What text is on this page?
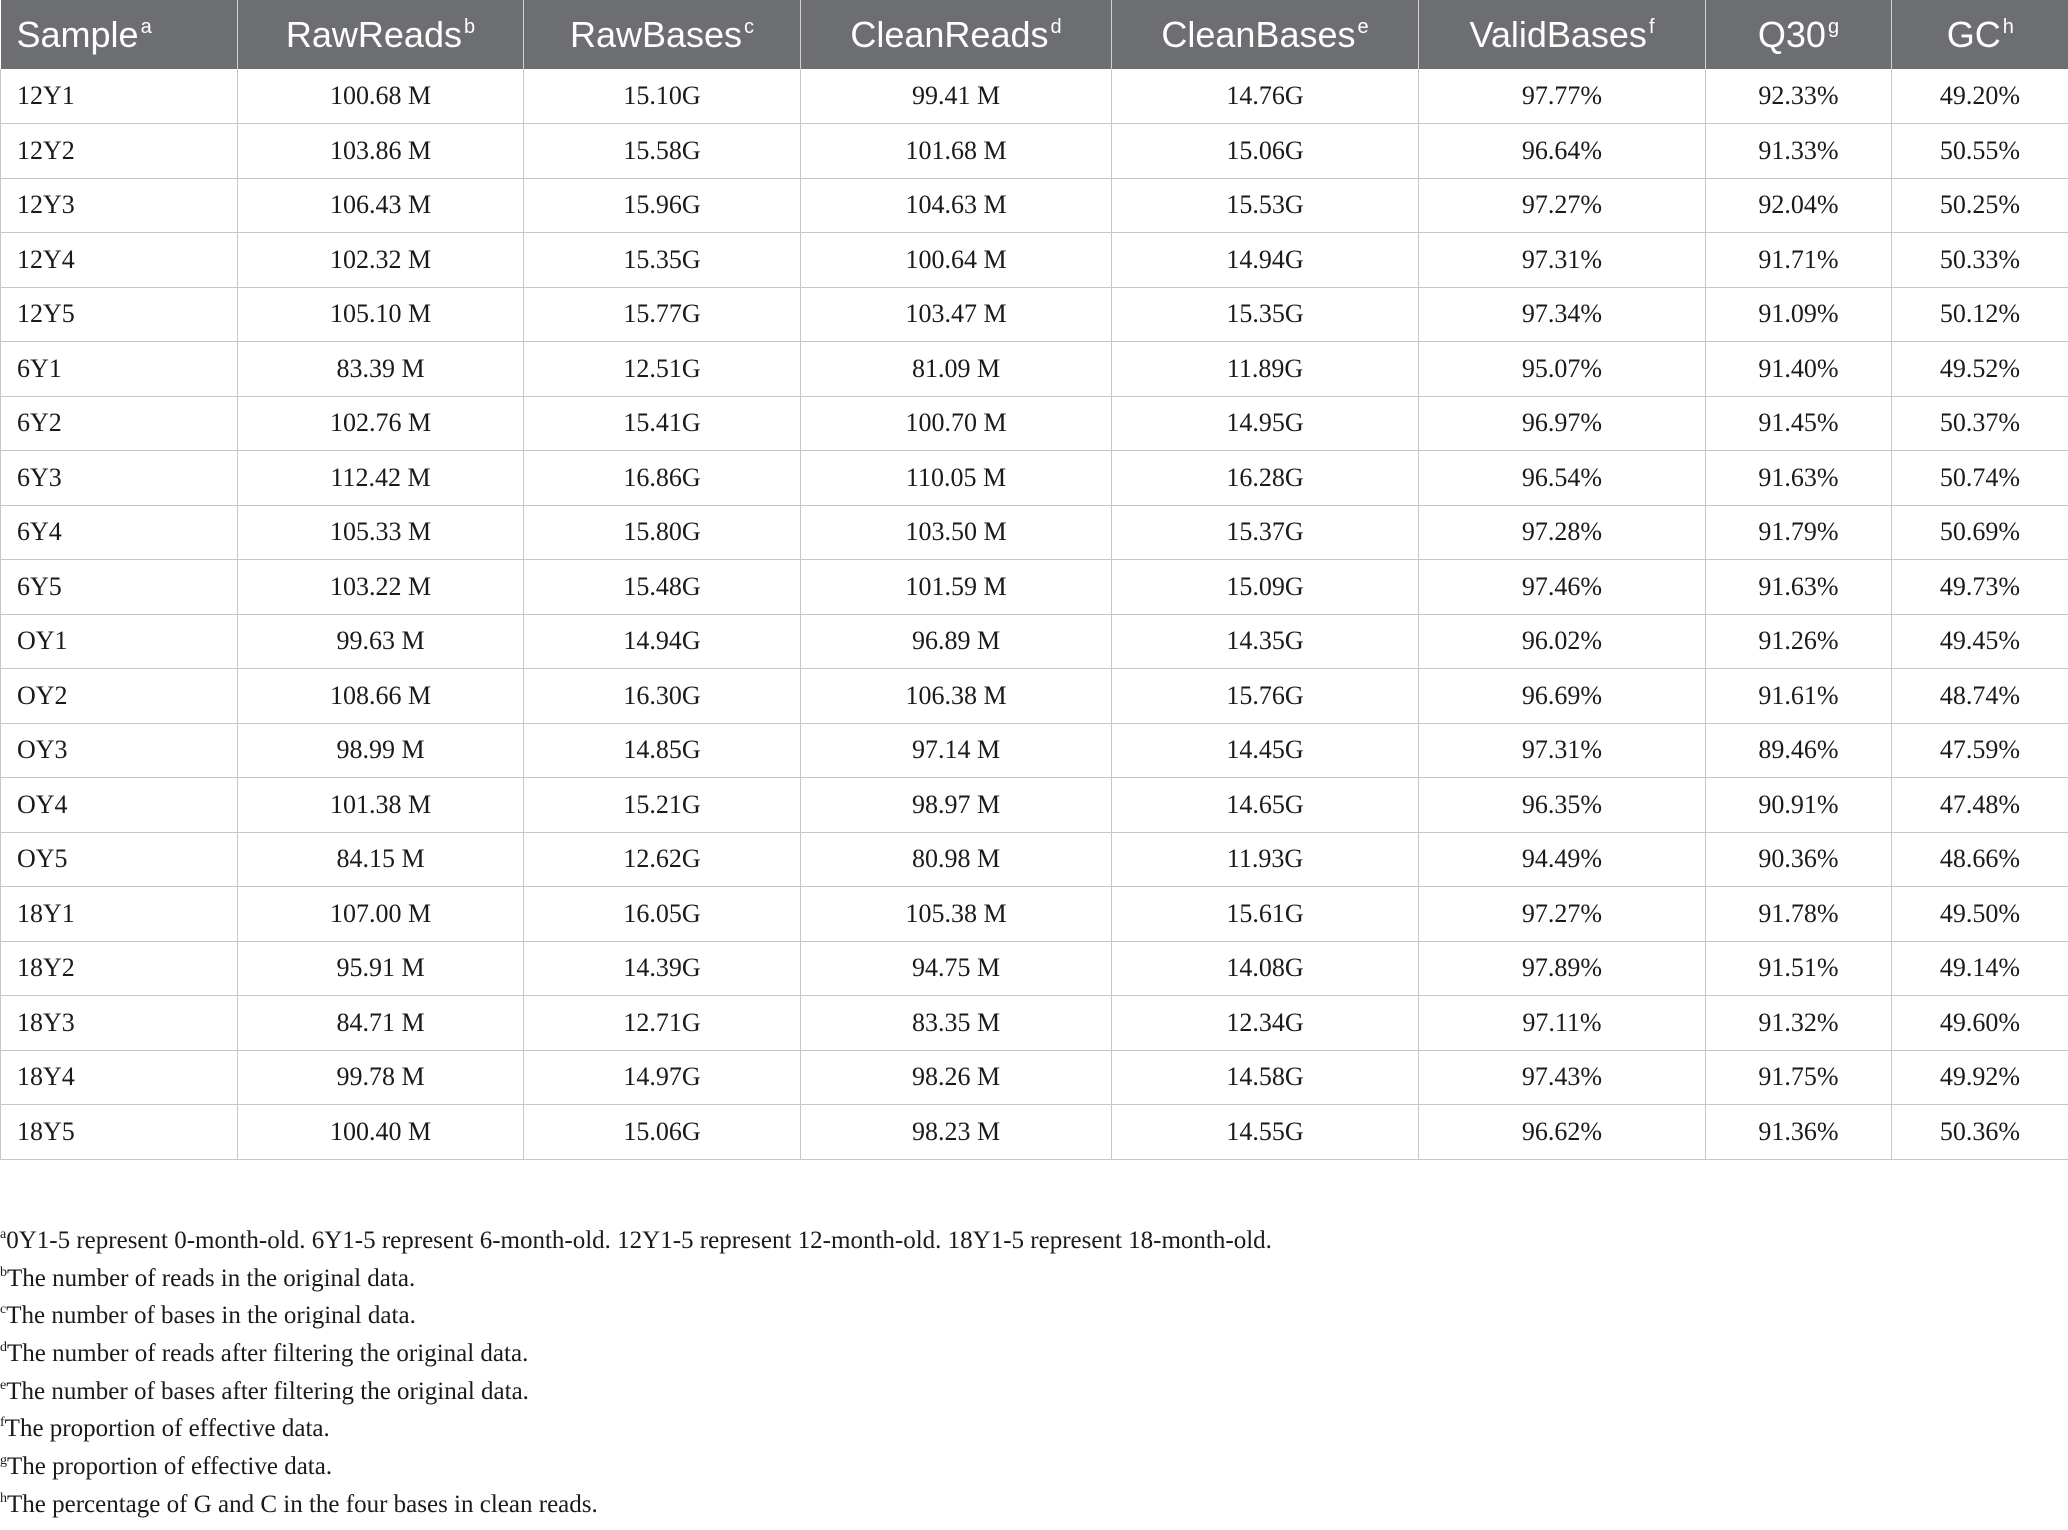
Sample $^a$	RawReads $^b$	RawBases $^c$	CleanReads $^d$	CleanBases $^e$	ValidBases $^f$	Q30 $^g$	GC $^h$
12Y1	100.68 M	15.10G	99.41 M	14.76G	97.77%	92.33%	49.20%
12Y2	103.86 M	15.58G	101.68 M	15.06G	96.64%	91.33%	50.55%
12Y3	106.43 M	15.96G	104.63 M	15.53G	97.27%	92.04%	50.25%
12Y4	102.32 M	15.35G	100.64 M	14.94G	97.31%	91.71%	50.33%
12Y5	105.10 M	15.77G	103.47 M	15.35G	97.34%	91.09%	50.12%
6Y1	83.39 M	12.51G	81.09 M	11.89G	95.07%	91.40%	49.52%
6Y2	102.76 M	15.41G	100.70 M	14.95G	96.97%	91.45%	50.37%
6Y3	112.42 M	16.86G	110.05 M	16.28G	96.54%	91.63%	50.74%
6Y4	105.33 M	15.80G	103.50 M	15.37G	97.28%	91.79%	50.69%
6Y5	103.22 M	15.48G	101.59 M	15.09G	97.46%	91.63%	49.73%
OY1	99.63 M	14.94G	96.89 M	14.35G	96.02%	91.26%	49.45%
OY2	108.66 M	16.30G	106.38 M	15.76G	96.69%	91.61%	48.74%
OY3	98.99 M	14.85G	97.14 M	14.45G	97.31%	89.46%	47.59%
OY4	101.38 M	15.21G	98.97 M	14.65G	96.35%	90.91%	47.48%
OY5	84.15 M	12.62G	80.98 M	11.93G	94.49%	90.36%	48.66%
18Y1	107.00 M	16.05G	105.38 M	15.61G	97.27%	91.78%	49.50%
18Y2	95.91 M	14.39G	94.75 M	14.08G	97.89%	91.51%	49.14%
18Y3	84.71 M	12.71G	83.35 M	12.34G	97.11%	91.32%	49.60%
18Y4	99.78 M	14.97G	98.26 M	14.58G	97.43%	91.75%	49.92%
18Y5	100.40 M	15.06G	98.23 M	14.55G	96.62%	91.36%	50.36%
$^a$0Y1-5 represent 0-month-old. 6Y1-5 represent 6-month-old. 12Y1-5 represent 12-month-old. 18Y1-5 represent 18-month-old.
$^b$The number of reads in the original data.
$^c$The number of bases in the original data.
$^d$The number of reads after filtering the original data.
$^e$The number of bases after filtering the original data.
$^f$The proportion of effective data.
$^g$The proportion of effective data.
$^h$The percentage of G and C in the four bases in clean reads.
